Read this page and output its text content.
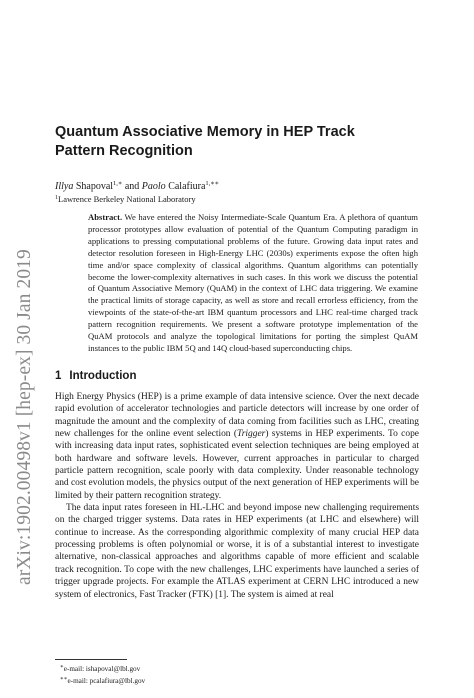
arXiv:1902.00498v1 [hep-ex] 30 Jan 2019
Quantum Associative Memory in HEP Track Pattern Recognition
Illya Shapoval$^{1,∗}$ and Paolo Calafiura$^{1,∗∗}$
$^1$Lawrence Berkeley National Laboratory

Abstract. We have entered the Noisy Intermediate-Scale Quantum Era. A plethora of quantum processor prototypes allow evaluation of potential of the Quantum Computing paradigm in applications to pressing computational problems of the future. Growing data input rates and detector resolution foreseen in High-Energy LHC (2030s) experiments expose the often high time and/or space complexity of classical algorithms. Quantum algorithms can potentially become the lower-complexity alternatives in such cases. In this work we discuss the potential of Quantum Associative Memory (QuAM) in the context of LHC data triggering. We examine the practical limits of storage capacity, as well as store and recall errorless efficiency, from the viewpoints of the state-of-the-art IBM quantum processors and LHC real-time charged track pattern recognition requirements. We present a software prototype implementation of the QuAM protocols and analyze the topological limitations for porting the simplest QuAM instances to the public IBM 5Q and 14Q cloud-based superconducting chips.

1 Introduction

High Energy Physics (HEP) is a prime example of data intensive science. Over the next decade rapid evolution of accelerator technologies and particle detectors will increase by one order of magnitude the amount and the complexity of data coming from facilities such as LHC, creating new challenges for the online event selection (Trigger) systems in HEP experiments. To cope with increasing data input rates, sophisticated event selection techniques are being employed at both hardware and software levels. However, current approaches in particular to charged particle pattern recognition, scale poorly with data complexity. Under reasonable technology and cost evolution models, the physics output of the next generation of HEP experiments will be limited by their pattern recognition strategy.

The data input rates foreseen in HL-LHC and beyond impose new challenging requirements on the charged trigger systems. Data rates in HEP experiments (at LHC and elsewhere) will continue to increase. As the corresponding algorithmic complexity of many crucial HEP data processing problems is often polynomial or worse, it is of a substantial interest to investigate alternative, non-classical approaches and algorithms capable of more efficient and scalable track recognition. To cope with the new challenges, LHC experiments have launched a series of trigger upgrade projects. For example the ATLAS experiment at CERN LHC introduced a new system of electronics, Fast Tracker (FTK) [1]. The system is aimed at real

∗e-mail: ishapoval@lbl.gov
∗∗e-mail: pcalafiura@lbl.gov
